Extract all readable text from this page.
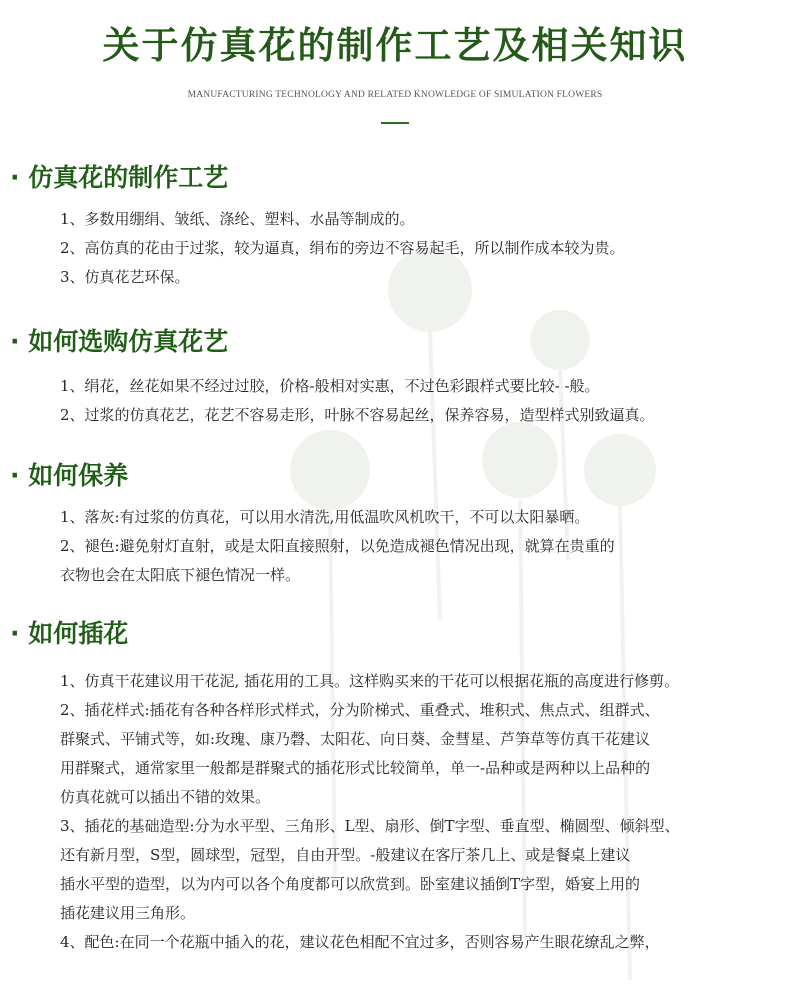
关于仿真花的制作工艺及相关知识
MANUFACTURING TECHNOLOGY AND RELATED KNOWLEDGE OF SIMULATION FLOWERS
· 仿真花的制作工艺
1、多数用绷绢、皱纸、涤纶、塑料、水晶等制成的。
2、高仿真的花由于过浆，较为逼真，绢布的旁边不容易起毛，所以制作成本较为贵。
3、仿真花艺环保。
· 如何选购仿真花艺
1、绢花，丝花如果不经过过胶，价格-般相对实惠，不过色彩跟样式要比较- -般。
2、过浆的仿真花艺，花艺不容易走形，叶脉不容易起丝，保养容易，造型样式别致逼真。
· 如何保养
1、落灰:有过浆的仿真花，可以用水清洗,用低温吹风机吹干，不可以太阳暴晒。
2、褪色:避免射灯直射，或是太阳直接照射，以免造成褪色情况出现，就算在贵重的
衣物也会在太阳底下褪色情况一样。
· 如何插花
1、仿真干花建议用干花泥, 插花用的工具。这样购买来的干花可以根据花瓶的高度进行修剪。
2、插花样式:插花有各种各样形式样式，分为阶梯式、重叠式、堆积式、焦点式、组群式、
群聚式、平铺式等，如:玫瑰、康乃磬、太阳花、向日葵、金彗星、芦笋草等仿真干花建议
用群聚式，通常家里一般都是群聚式的插花形式比较简单，单一-品种或是两种以上品种的
仿真花就可以插出不错的效果。
3、插花的基础造型:分为水平型、三角形、L型、扇形、倒T字型、垂直型、椭圆型、倾斜型、
还有新月型，S型，圆球型，冠型，自由开型。-般建议在客厅茶几上、或是餐桌上建议
插水平型的造型，以为内可以各个角度都可以欣赏到。卧室建议插倒T字型，婚宴上用的
插花建议用三角形。
4、配色:在同一个花瓶中插入的花，建议花色相配不宜过多，否则容易产生眼花缭乱之弊，
